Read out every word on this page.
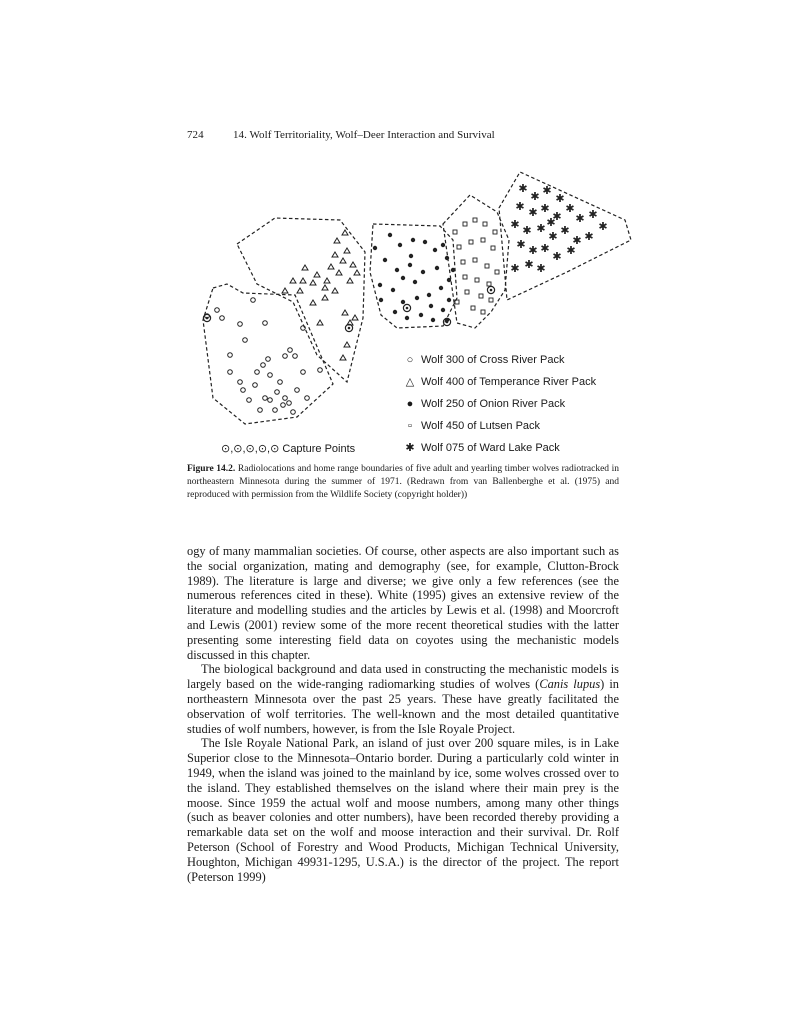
724	14. Wolf Territoriality, Wolf–Deer Interaction and Survival
✱
✱ ✱
✱
✱ ✱ ✱
✱
✱
✱ ✱
✱
✱ ✱ ✱
✱ ✱
✱ ✱
✱ ✱ ✱
✱
✱
✱ ✱
✱
✱
○ Wolf 300 of Cross River Pack
△ Wolf 400 of Temperance River Pack
● Wolf 250 of Onion River Pack
▫ Wolf 450 of Lutsen Pack
✱ Wolf 075 of Ward Lake Pack
⊙,⊙,⊙,⊙,⊙ Capture Points
Figure 14.2. Radiolocations and home range boundaries of five adult and yearling timber wolves radiotracked in northeastern Minnesota during the summer of 1971. (Redrawn from van Ballenberghe et al. (1975) and reproduced with permission from the Wildlife Society (copyright holder))

ogy of many mammalian societies. Of course, other aspects are also important such as the social organization, mating and demography (see, for example, Clutton-Brock 1989). The literature is large and diverse; we give only a few references (see the numerous references cited in these). White (1995) gives an extensive review of the literature and modelling studies and the articles by Lewis et al. (1998) and Moorcroft and Lewis (2001) review some of the more recent theoretical studies with the latter presenting some interesting field data on coyotes using the mechanistic models discussed in this chapter.

The biological background and data used in constructing the mechanistic models is largely based on the wide-ranging radiomarking studies of wolves (Canis lupus) in northeastern Minnesota over the past 25 years. These have greatly facilitated the observation of wolf territories. The well-known and the most detailed quantitative studies of wolf numbers, however, is from the Isle Royale Project.

The Isle Royale National Park, an island of just over 200 square miles, is in Lake Superior close to the Minnesota–Ontario border. During a particularly cold winter in 1949, when the island was joined to the mainland by ice, some wolves crossed over to the island. They established themselves on the island where their main prey is the moose. Since 1959 the actual wolf and moose numbers, among many other things (such as beaver colonies and otter numbers), have been recorded thereby providing a remarkable data set on the wolf and moose interaction and their survival. Dr. Rolf Peterson (School of Forestry and Wood Products, Michigan Technical University, Houghton, Michigan 49931-1295, U.S.A.) is the director of the project. The report (Peterson 1999)
